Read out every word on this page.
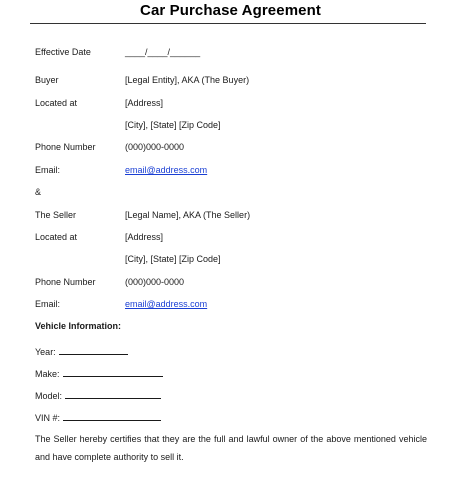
Car Purchase Agreement
Effective Date	____/____/______
Buyer	[Legal Entity], AKA (The Buyer)
Located at	[Address]
[City], [State] [Zip Code]
Phone Number	(000)000-0000
Email:	email@address.com
&
The Seller	[Legal Name], AKA (The Seller)
Located at	[Address]
[City], [State] [Zip Code]
Phone Number	(000)000-0000
Email:	email@address.com
Vehicle Information:
Year:
Make:
Model:
VIN #:
The Seller hereby certifies that they are the full and lawful owner of the above mentioned vehicle and have complete authority to sell it.
